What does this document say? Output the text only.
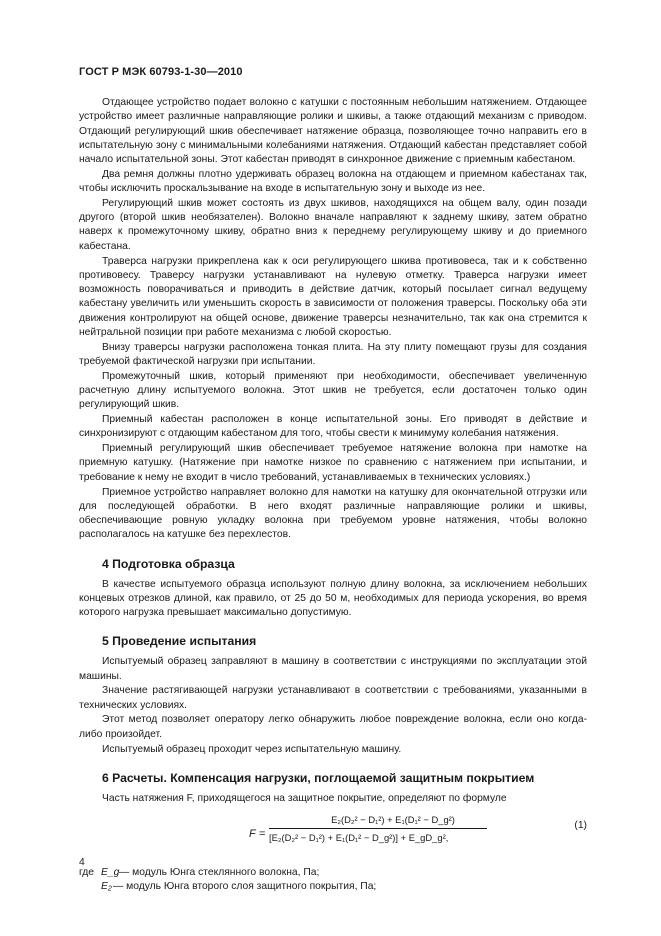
ГОСТ Р МЭК 60793-1-30—2010

Отдающее устройство подает волокно с катушки с постоянным небольшим натяжением. Отдающее устройство имеет различные направляющие ролики и шкивы, а также отдающий механизм с приводом. Отдающий регулирующий шкив обеспечивает натяжение образца, позволяющее точно направить его в испытательную зону с минимальными колебаниями натяжения. Отдающий кабестан представляет собой начало испытательной зоны. Этот кабестан приводят в синхронное движение с приемным кабестаном.

Два ремня должны плотно удерживать образец волокна на отдающем и приемном кабестанах так, чтобы исключить проскальзывание на входе в испытательную зону и выходе из нее.

Регулирующий шкив может состоять из двух шкивов, находящихся на общем валу, один позади другого (второй шкив необязателен). Волокно вначале направляют к заднему шкиву, затем обратно наверх к промежуточному шкиву, обратно вниз к переднему регулирующему шкиву и до приемного кабестана.

Траверса нагрузки прикреплена как к оси регулирующего шкива противовеса, так и к собственно противовесу. Траверсу нагрузки устанавливают на нулевую отметку. Траверса нагрузки имеет возможность поворачиваться и приводить в действие датчик, который посылает сигнал ведущему кабестану увеличить или уменьшить скорость в зависимости от положения траверсы. Поскольку оба эти движения контролируют на общей основе, движение траверсы незначительно, так как она стремится к нейтральной позиции при работе механизма с любой скоростью.

Внизу траверсы нагрузки расположена тонкая плита. На эту плиту помещают грузы для создания требуемой фактической нагрузки при испытании.

Промежуточный шкив, который применяют при необходимости, обеспечивает увеличенную расчетную длину испытуемого волокна. Этот шкив не требуется, если достаточен только один регулирующий шкив.

Приемный кабестан расположен в конце испытательной зоны. Его приводят в действие и синхронизируют с отдающим кабестаном для того, чтобы свести к минимуму колебания натяжения.

Приемный регулирующий шкив обеспечивает требуемое натяжение волокна при намотке на приемную катушку. (Натяжение при намотке низкое по сравнению с натяжением при испытании, и требование к нему не входит в число требований, устанавливаемых в технических условиях.)

Приемное устройство направляет волокно для намотки на катушку для окончательной отгрузки или для последующей обработки. В него входят различные направляющие ролики и шкивы, обеспечивающие ровную укладку волокна при требуемом уровне натяжения, чтобы волокно располагалось на катушке без перехлестов.

4 Подготовка образца

В качестве испытуемого образца используют полную длину волокна, за исключением небольших концевых отрезков длиной, как правило, от 25 до 50 м, необходимых для периода ускорения, во время которого нагрузка превышает максимально допустимую.

5 Проведение испытания

Испытуемый образец заправляют в машину в соответствии с инструкциями по эксплуатации этой машины.

Значение растягивающей нагрузки устанавливают в соответствии с требованиями, указанными в технических условиях.

Этот метод позволяет оператору легко обнаружить любое повреждение волокна, если оно когда-либо произойдет.

Испытуемый образец проходит через испытательную машину.

6 Расчеты. Компенсация нагрузки, поглощаемой защитным покрытием

Часть натяжения F, приходящегося на защитное покрытие, определяют по формуле

F =
E₂(D₂² − D₁²) + E₁(D₁² − D_g²)
[E₂(D₂² − D₁²) + E₁(D₁² − D_g²)] + E_gD_g²,
(1)
где E_g — модуль Юнга стеклянного волокна, Па;
E₂ — модуль Юнга второго слоя защитного покрытия, Па;
4
